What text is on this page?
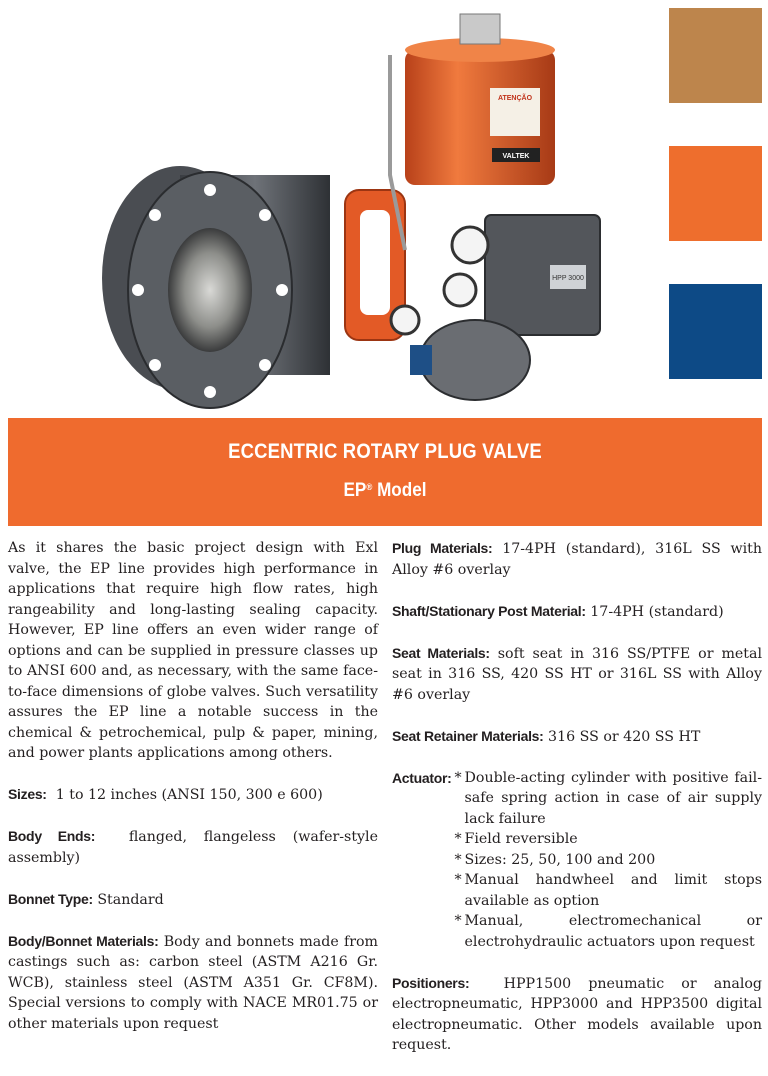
ATENÇÃO
VALTEK
HPP 3000
ECCENTRIC ROTARY PLUG VALVE
EP® Model

As it shares the basic project design with Exl valve, the EP line provides high performance in applications that require high flow rates, high rangeability and long-lasting sealing capacity. However, EP line offers an even wider range of options and can be supplied in pressure classes up to ANSI 600 and, as necessary, with the same face-to-face dimensions of globe valves. Such versatility assures the EP line a notable success in the chemical & petrochemical, pulp & paper, mining, and power plants applications among others.

Sizes: 1 to 12 inches (ANSI 150, 300 e 600)

Body Ends: flanged, flangeless (wafer-style assembly)

Bonnet Type: Standard

Body/Bonnet Materials: Body and bonnets made from castings such as: carbon steel (ASTM A216 Gr. WCB), stainless steel (ASTM A351 Gr. CF8M). Special versions to comply with NACE MR01.75 or other materials upon request

Plug Materials: 17-4PH (standard), 316L SS with Alloy #6 overlay

Shaft/Stationary Post Material: 17-4PH (standard)

Seat Materials: soft seat in 316 SS/PTFE or metal seat in 316 SS, 420 SS HT or 316L SS with Alloy #6 overlay

Seat Retainer Materials: 316 SS or 420 SS HT

Actuator: * Double-acting cylinder with positive fail-safe spring action in case of air supply lack failure
* Field reversible
* Sizes: 25, 50, 100 and 200
* Manual handwheel and limit stops available as option
* Manual, electromechanical or electrohydraulic actuators upon request

Positioners: HPP1500 pneumatic or analog electropneumatic, HPP3000 and HPP3500 digital electropneumatic. Other models available upon request.
